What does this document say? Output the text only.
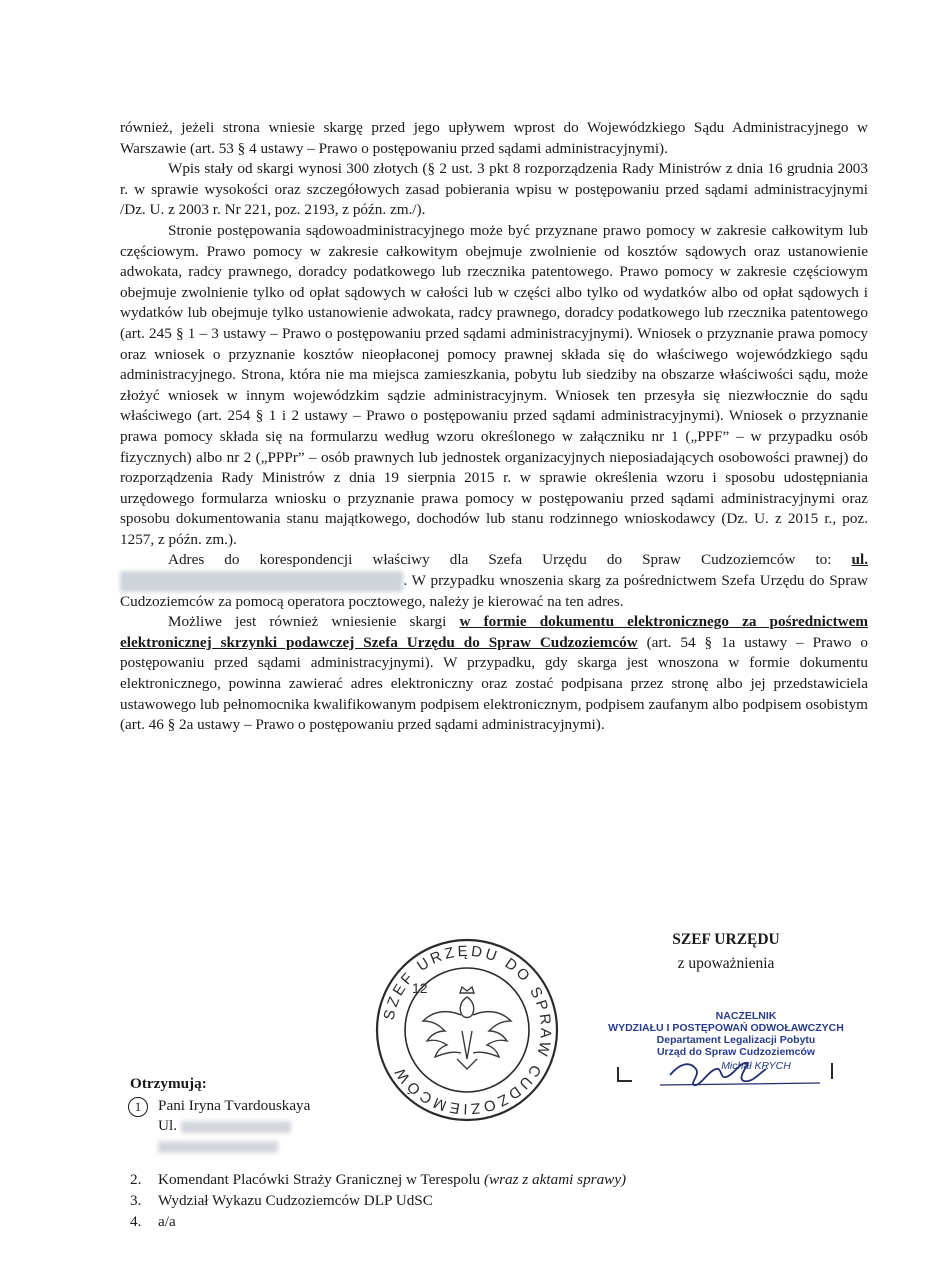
również, jeżeli strona wniesie skargę przed jego upływem wprost do Wojewódzkiego Sądu Administracyjnego w Warszawie (art. 53 § 4 ustawy – Prawo o postępowaniu przed sądami administracyjnymi).

Wpis stały od skargi wynosi 300 złotych (§ 2 ust. 3 pkt 8 rozporządzenia Rady Ministrów z dnia 16 grudnia 2003 r. w sprawie wysokości oraz szczegółowych zasad pobierania wpisu w postępowaniu przed sądami administracyjnymi /Dz. U. z 2003 r. Nr 221, poz. 2193, z późn. zm./).

Stronie postępowania sądowoadministracyjnego może być przyznane prawo pomocy w zakresie całkowitym lub częściowym. Prawo pomocy w zakresie całkowitym obejmuje zwolnienie od kosztów sądowych oraz ustanowienie adwokata, radcy prawnego, doradcy podatkowego lub rzecznika patentowego. Prawo pomocy w zakresie częściowym obejmuje zwolnienie tylko od opłat sądowych w całości lub w części albo tylko od wydatków albo od opłat sądowych i wydatków lub obejmuje tylko ustanowienie adwokata, radcy prawnego, doradcy podatkowego lub rzecznika patentowego (art. 245 § 1 – 3 ustawy – Prawo o postępowaniu przed sądami administracyjnymi). Wniosek o przyznanie prawa pomocy oraz wniosek o przyznanie kosztów nieopłaconej pomocy prawnej składa się do właściwego wojewódzkiego sądu administracyjnego. Strona, która nie ma miejsca zamieszkania, pobytu lub siedziby na obszarze właściwości sądu, może złożyć wniosek w innym wojewódzkim sądzie administracyjnym. Wniosek ten przesyła się niezwłocznie do sądu właściwego (art. 254 § 1 i 2 ustawy – Prawo o postępowaniu przed sądami administracyjnymi). Wniosek o przyznanie prawa pomocy składa się na formularzu według wzoru określonego w załączniku nr 1 („PPF” – w przypadku osób fizycznych) albo nr 2 („PPPr” – osób prawnych lub jednostek organizacyjnych nieposiadających osobowości prawnej) do rozporządzenia Rady Ministrów z dnia 19 sierpnia 2015 r. w sprawie określenia wzoru i sposobu udostępniania urzędowego formularza wniosku o przyznanie prawa pomocy w postępowaniu przed sądami administracyjnymi oraz sposobu dokumentowania stanu majątkowego, dochodów lub stanu rodzinnego wnioskodawcy (Dz. U. z 2015 r., poz. 1257, z późn. zm.).

Adres do korespondencji właściwy dla Szefa Urzędu do Spraw Cudzoziemców to: ul. . W przypadku wnoszenia skarg za pośrednictwem Szefa Urzędu do Spraw Cudzoziemców za pomocą operatora pocztowego, należy je kierować na ten adres.

Możliwe jest również wniesienie skargi w formie dokumentu elektronicznego za pośrednictwem elektronicznej skrzynki podawczej Szefa Urzędu do Spraw Cudzoziemców (art. 54 § 1a ustawy – Prawo o postępowaniu przed sądami administracyjnymi). W przypadku, gdy skarga jest wnoszona w formie dokumentu elektronicznego, powinna zawierać adres elektroniczny oraz zostać podpisana przez stronę albo jej przedstawiciela ustawowego lub pełnomocnika kwalifikowanym podpisem elektronicznym, podpisem zaufanym albo podpisem osobistym (art. 46 § 2a ustawy – Prawo o postępowaniu przed sądami administracyjnymi).

SZEF URZĘDU
z upoważnienia
SZEF URZĘDU DO SPRAW CUDZOZIEMCÓW
12
NACZELNIK
WYDZIAŁU I POSTĘPOWAŃ ODWOŁAWCZYCH
Departament Legalizacji Pobytu
Urząd do Spraw Cudzoziemców
Michał KRYCH
Otrzymują:
1	Pani Iryna Tvardouskaya
Ul.
2. Komendant Placówki Straży Granicznej w Terespolu (wraz z aktami sprawy)
3. Wydział Wykazu Cudzoziemców DLP UdSC
4. a/a
